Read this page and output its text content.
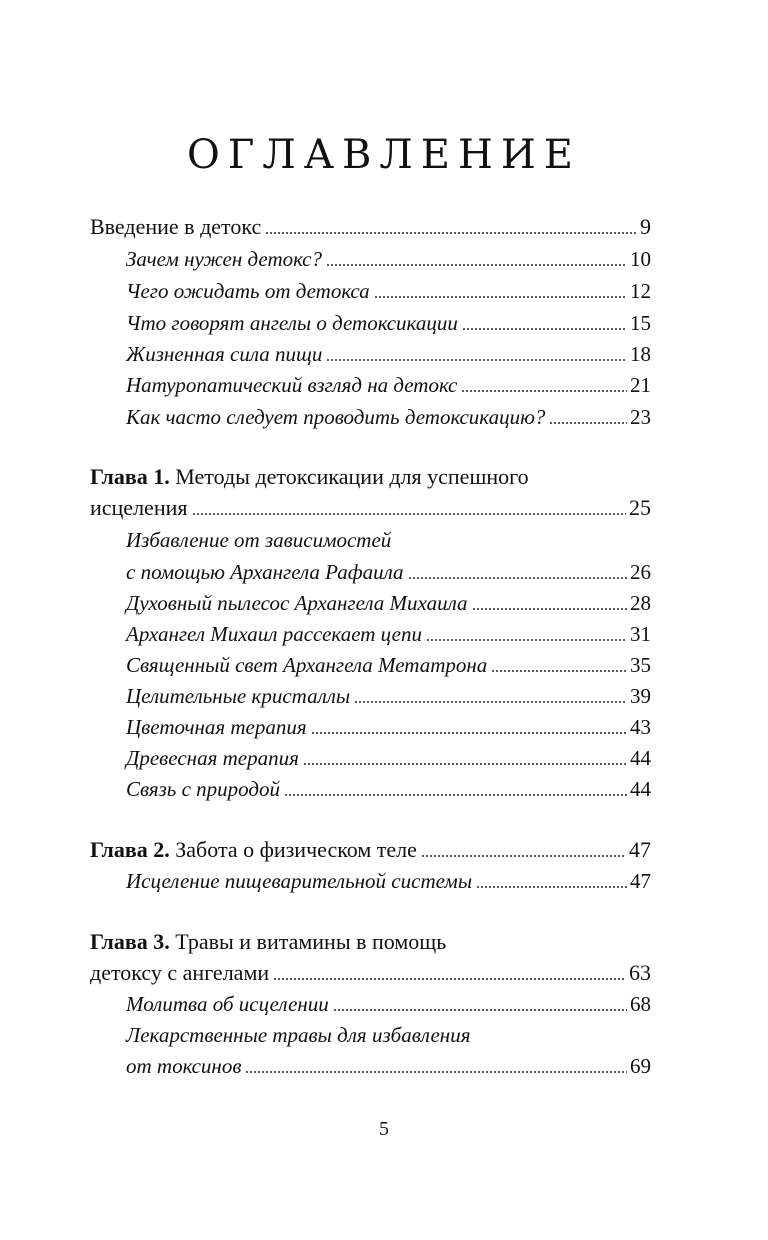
ОГЛАВЛЕНИЕ
Введение в детокс	9
Зачем нужен детокс?	10
Чего ожидать от детокса	12
Что говорят ангелы о детоксикации	15
Жизненная сила пищи	18
Натуропатический взгляд на детокс	21
Как часто следует проводить детоксикацию?	23
Глава 1. Методы детоксикации для успешного
исцеления	25
Избавление от зависимостей
с помощью Архангела Рафаила	26
Духовный пылесос Архангела Михаила	28
Архангел Михаил рассекает цепи	31
Священный свет Архангела Метатрона	35
Целительные кристаллы	39
Цветочная терапия	43
Древесная терапия	44
Связь с природой	44
Глава 2. Забота о физическом теле	47
Исцеление пищеварительной системы	47
Глава 3. Травы и витамины в помощь
детоксу с ангелами	63
Молитва об исцелении	68
Лекарственные травы для избавления
от токсинов	69
5
